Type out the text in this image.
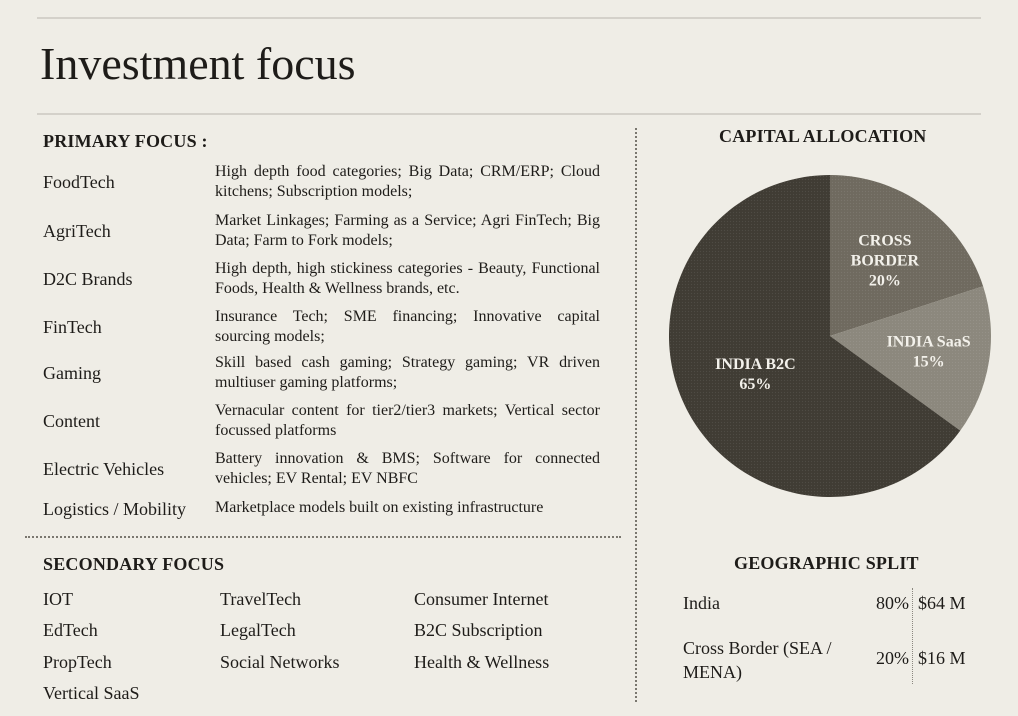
Investment focus
PRIMARY FOCUS :
FoodTech
High depth food categories; Big Data; CRM/ERP; Cloud kitchens; Subscription models;
AgriTech
Market Linkages; Farming as a Service; Agri FinTech; Big Data; Farm to Fork models;
D2C Brands
High depth, high stickiness categories - Beauty, Functional Foods, Health & Wellness brands, etc.
FinTech
Insurance Tech; SME financing; Innovative capital sourcing models;
Gaming
Skill based cash gaming; Strategy gaming; VR driven multiuser gaming platforms;
Content
Vernacular content for tier2/tier3 markets; Vertical sector focussed platforms
Electric Vehicles
Battery innovation & BMS; Software for connected vehicles; EV Rental; EV NBFC
Logistics / Mobility Marketplace models built on existing infrastructure
SECONDARY FOCUS
IOT
EdTech
PropTech
Vertical SaaS
TravelTech
LegalTech
Social Networks
Consumer Internet
B2C Subscription
Health & Wellness
CAPITAL ALLOCATION
CROSS
BORDER
20%
INDIA SaaS
15%
INDIA B2C
65%
GEOGRAPHIC SPLIT
India	80% $64 M
Cross Border (SEA / MENA)
20% $16 M
